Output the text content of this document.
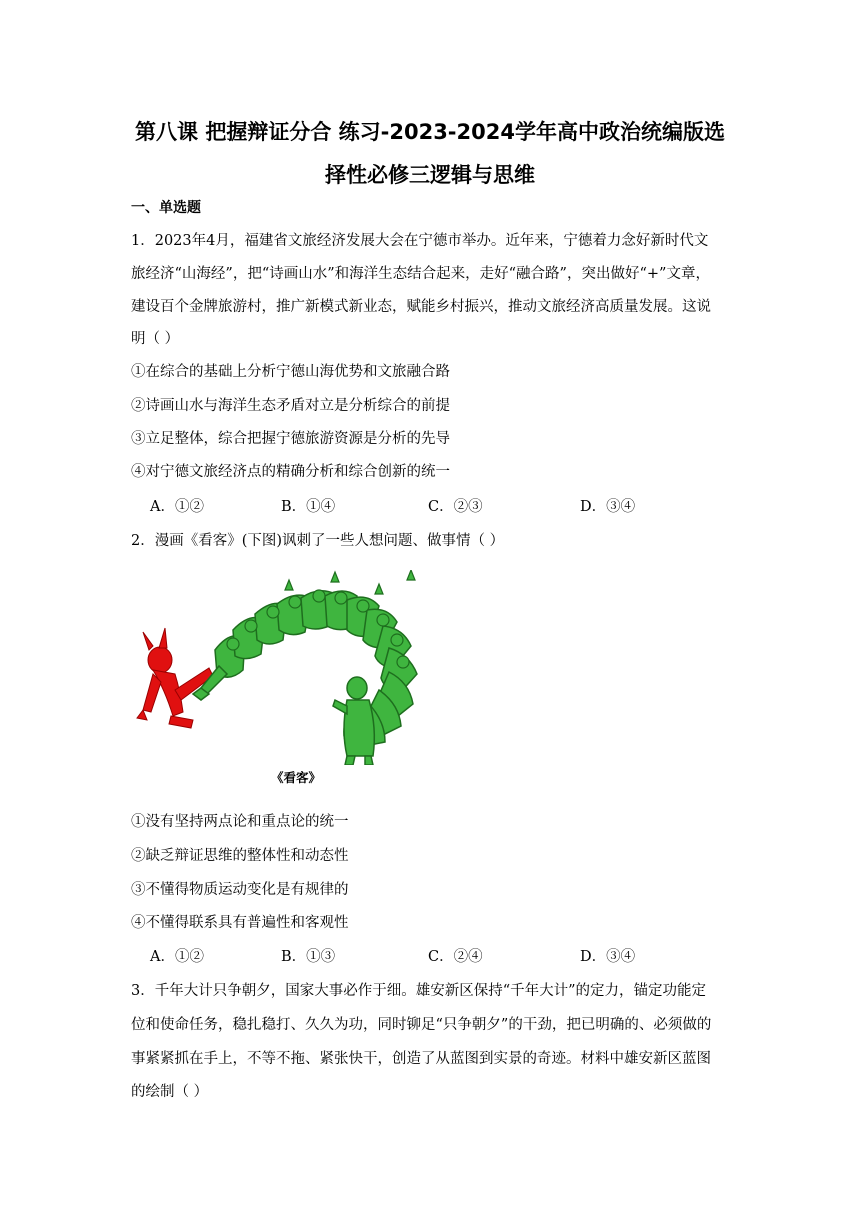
第八课 把握辩证分合 练习-2023-2024学年高中政治统编版选
择性必修三逻辑与思维
一、单选题
1．2023年4月，福建省文旅经济发展大会在宁德市举办。近年来，宁德着力念好新时代文
旅经济“山海经”，把“诗画山水”和海洋生态结合起来，走好“融合路”，突出做好“+”文章，
建设百个金牌旅游村，推广新模式新业态，赋能乡村振兴，推动文旅经济高质量发展。这说
明（ ）
①在综合的基础上分析宁德山海优势和文旅融合路
②诗画山水与海洋生态矛盾对立是分析综合的前提
③立足整体，综合把握宁德旅游资源是分析的先导
④对宁德文旅经济点的精确分析和综合创新的统一
A．①②	B．①④	C．②③	D．③④
2．漫画《看客》(下图)讽刺了一些人想问题、做事情（ ）
《看客》
①没有坚持两点论和重点论的统一
②缺乏辩证思维的整体性和动态性
③不懂得物质运动变化是有规律的
④不懂得联系具有普遍性和客观性
A．①②	B．①③	C．②④	D．③④
3．千年大计只争朝夕，国家大事必作于细。雄安新区保持“千年大计”的定力，锚定功能定
位和使命任务，稳扎稳打、久久为功，同时铆足“只争朝夕”的干劲，把已明确的、必须做的
事紧紧抓在手上，不等不拖、紧张快干，创造了从蓝图到实景的奇迹。材料中雄安新区蓝图
的绘制（ ）
